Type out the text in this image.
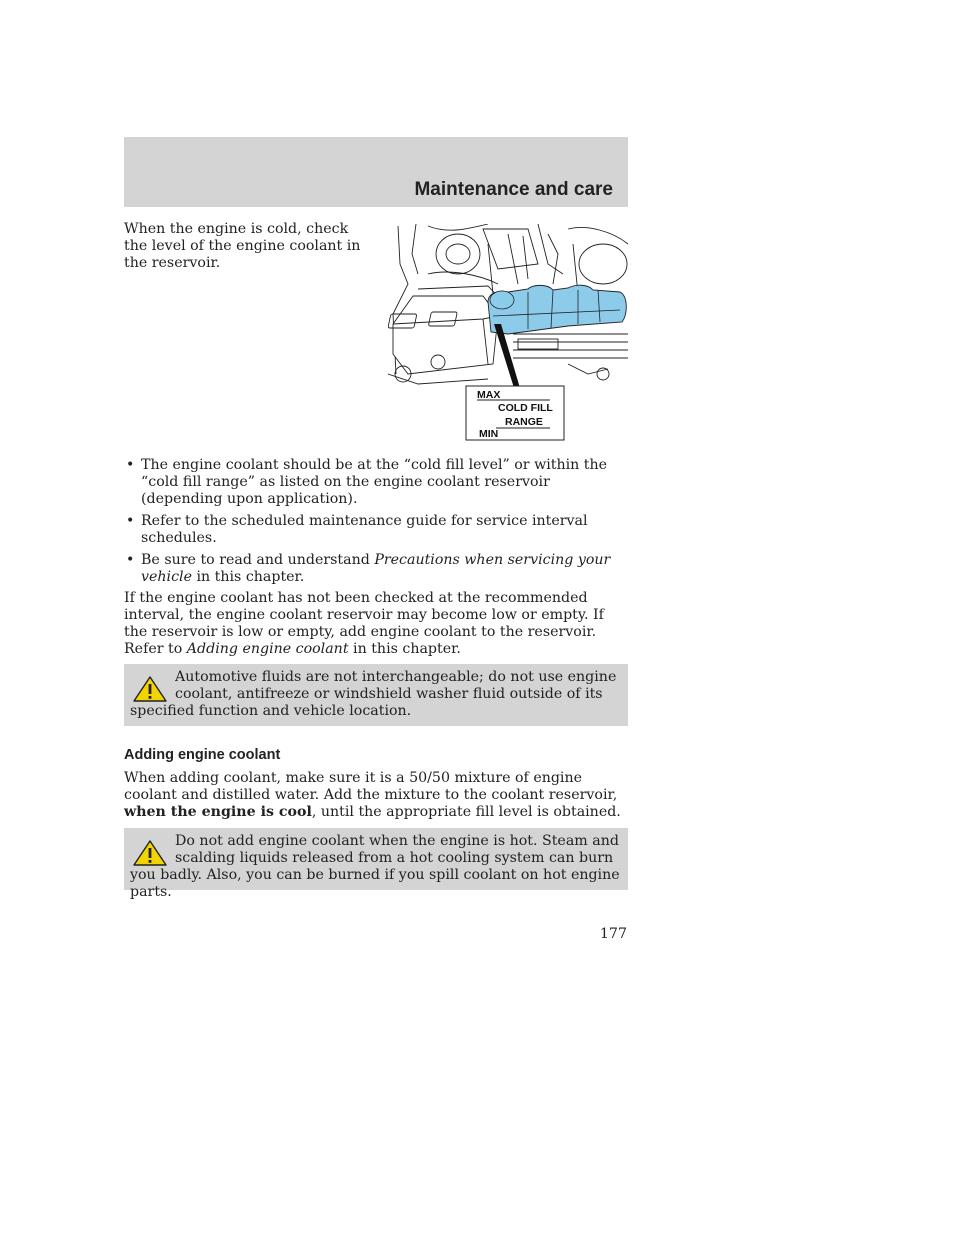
Maintenance and care
When the engine is cold, check the level of the engine coolant in the reservoir.
MAX
COLD FILL
RANGE
MIN
• The engine coolant should be at the “cold fill level” or within the “cold fill range” as listed on the engine coolant reservoir (depending upon application).
• Refer to the scheduled maintenance guide for service interval schedules.
• Be sure to read and understand Precautions when servicing your vehicle in this chapter.
If the engine coolant has not been checked at the recommended interval, the engine coolant reservoir may become low or empty. If the reservoir is low or empty, add engine coolant to the reservoir. Refer to Adding engine coolant in this chapter.
Automotive fluids are not interchangeable; do not use engine coolant, antifreeze or windshield washer fluid outside of its specified function and vehicle location.
Adding engine coolant
When adding coolant, make sure it is a 50/50 mixture of engine coolant and distilled water. Add the mixture to the coolant reservoir, when the engine is cool, until the appropriate fill level is obtained.
Do not add engine coolant when the engine is hot. Steam and scalding liquids released from a hot cooling system can burn you badly. Also, you can be burned if you spill coolant on hot engine parts.
177
